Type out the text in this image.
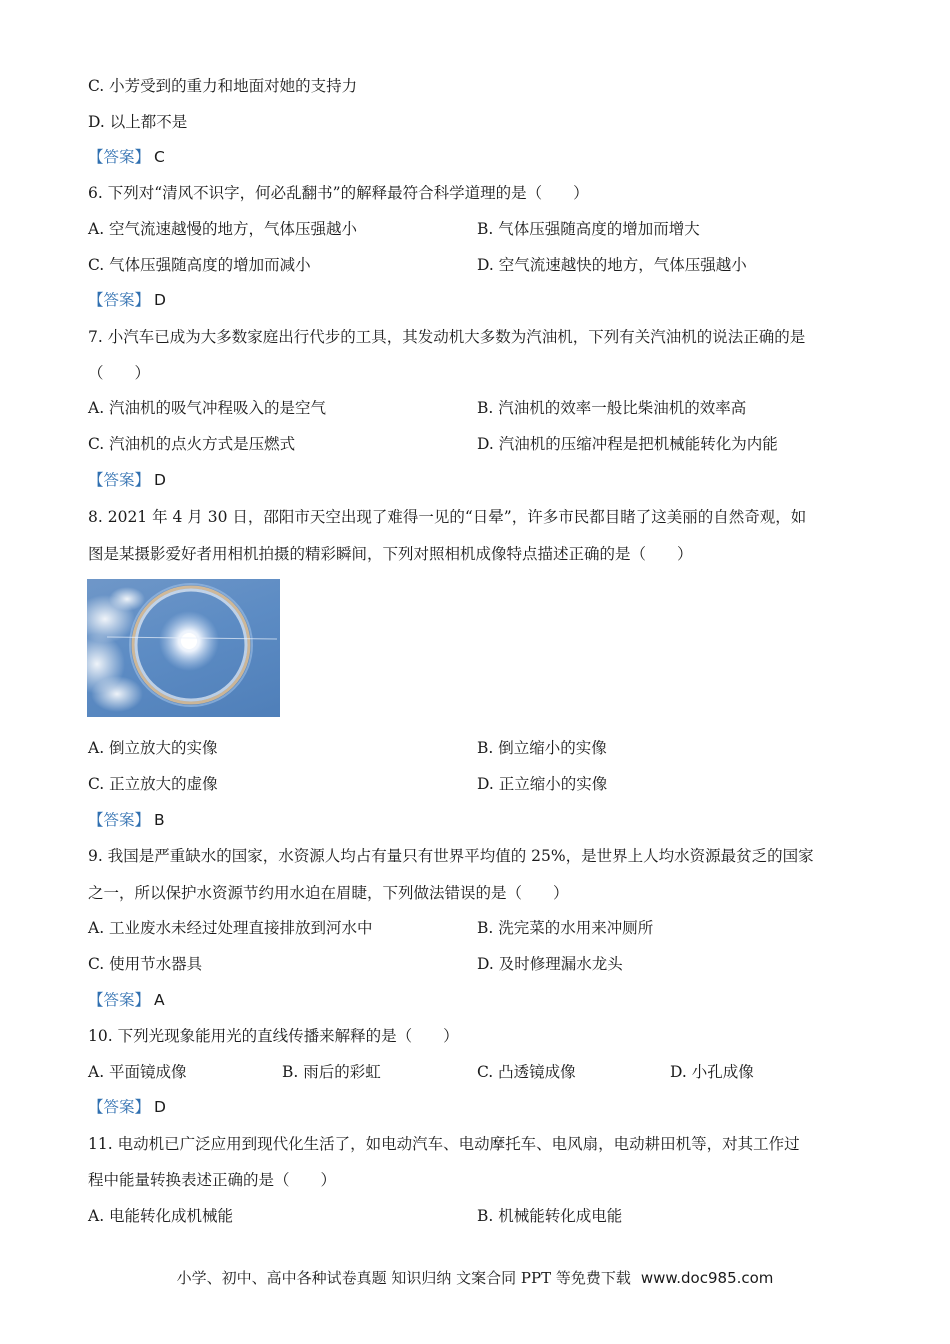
C. 小芳受到的重力和地面对她的支持力
D. 以上都不是
【答案】 C
6. 下列对“清风不识字，何必乱翻书”的解释最符合科学道理的是（　　）
A. 空气流速越慢的地方，气体压强越小	B. 气体压强随高度的增加而增大
C. 气体压强随高度的增加而减小	D. 空气流速越快的地方，气体压强越小
【答案】 D
7. 小汽车已成为大多数家庭出行代步的工具，其发动机大多数为汽油机，下列有关汽油机的说法正确的是
（　　）
A. 汽油机的吸气冲程吸入的是空气	B. 汽油机的效率一般比柴油机的效率高
C. 汽油机的点火方式是压燃式	D. 汽油机的压缩冲程是把机械能转化为内能
【答案】 D
8. 2021 年 4 月 30 日，邵阳市天空出现了难得一见的“日晕”，许多市民都目睹了这美丽的自然奇观，如
图是某摄影爱好者用相机拍摄的精彩瞬间，下列对照相机成像特点描述正确的是（　　）
A. 倒立放大的实像	B. 倒立缩小的实像
C. 正立放大的虚像	D. 正立缩小的实像
【答案】 B
9. 我国是严重缺水的国家，水资源人均占有量只有世界平均值的 25%，是世界上人均水资源最贫乏的国家
之一，所以保护水资源节约用水迫在眉睫，下列做法错误的是（　　）
A. 工业废水未经过处理直接排放到河水中	B. 洗完菜的水用来冲厕所
C. 使用节水器具	D. 及时修理漏水龙头
【答案】 A
10. 下列光现象能用光的直线传播来解释的是（　　）
A. 平面镜成像	B. 雨后的彩虹	C. 凸透镜成像	D. 小孔成像
【答案】 D
11. 电动机已广泛应用到现代化生活了，如电动汽车、电动摩托车、电风扇，电动耕田机等，对其工作过
程中能量转换表述正确的是（　　）
A. 电能转化成机械能	B. 机械能转化成电能
小学、初中、高中各种试卷真题 知识归纳 文案合同 PPT 等免费下载 www.doc985.com
